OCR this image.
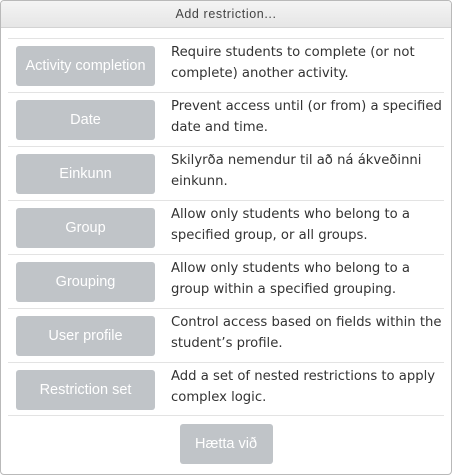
Add restriction...
Activity completion
Require students to complete (or not complete) another activity.
Date
Prevent access until (or from) a specified date and time.
Einkunn
Skilyrða nemendur til að ná ákveðinni einkunn.
Group
Allow only students who belong to a specified group, or all groups.
Grouping
Allow only students who belong to a group within a specified grouping.
User profile
Control access based on fields within the student’s profile.
Restriction set
Add a set of nested restrictions to apply complex logic.
Hætta við
